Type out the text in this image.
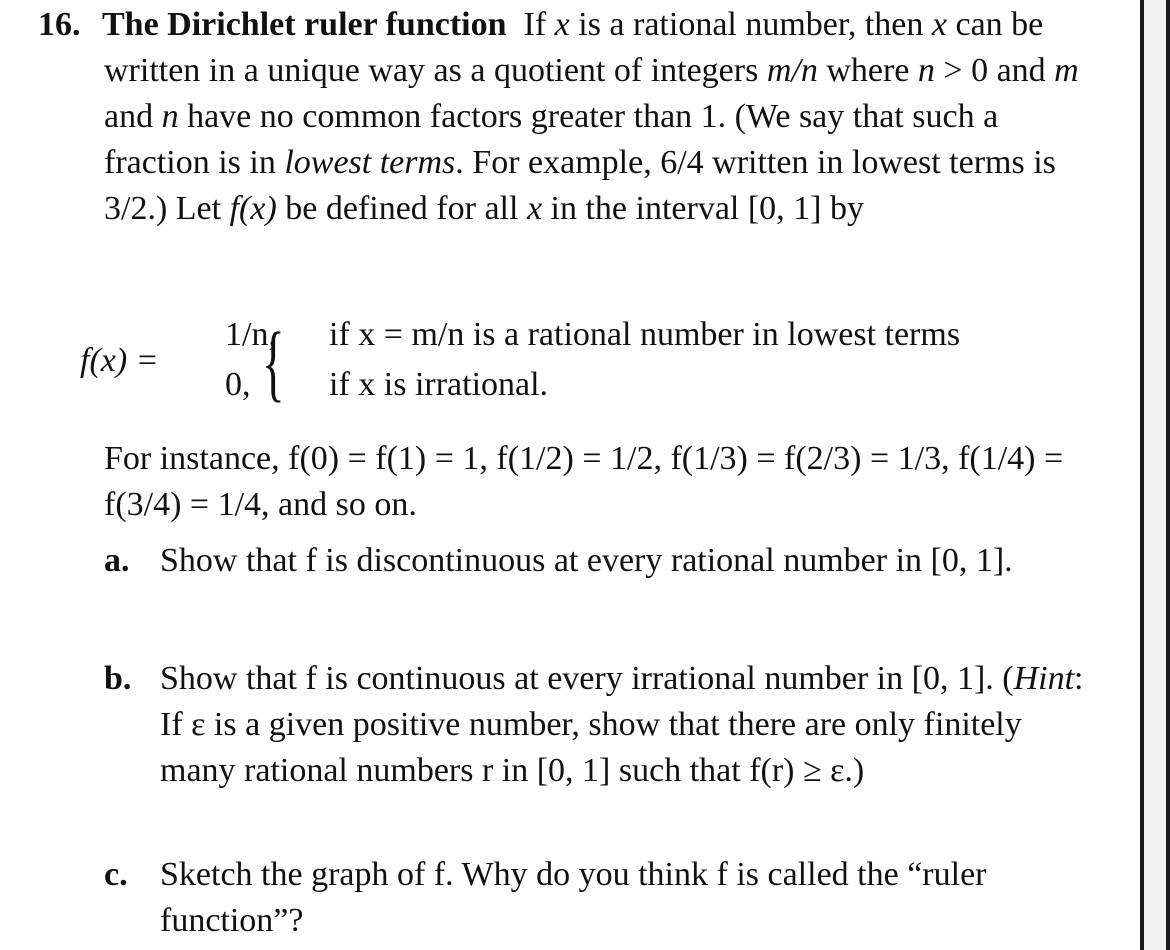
16. The Dirichlet ruler function If x is a rational number, then x can be written in a unique way as a quotient of integers m/n where n > 0 and m and n have no common factors greater than 1. (We say that such a fraction is in lowest terms. For example, 6/4 written in lowest terms is 3/2.) Let f(x) be defined for all x in the interval [0, 1] by

f(x) = {
1/n, if x = m/n is a rational number in lowest terms
0, if x is irrational.
For instance, f(0) = f(1) = 1, f(1/2) = 1/2, f(1/3) = f(2/3) = 1/3, f(1/4) = f(3/4) = 1/4, and so on.
a. Show that f is discontinuous at every rational number in [0, 1].
b. Show that f is continuous at every irrational number in [0, 1]. (Hint: If ε is a given positive number, show that there are only finitely many rational numbers r in [0, 1] such that f(r) ≥ ε.)
c. Sketch the graph of f. Why do you think f is called the “ruler function”?
